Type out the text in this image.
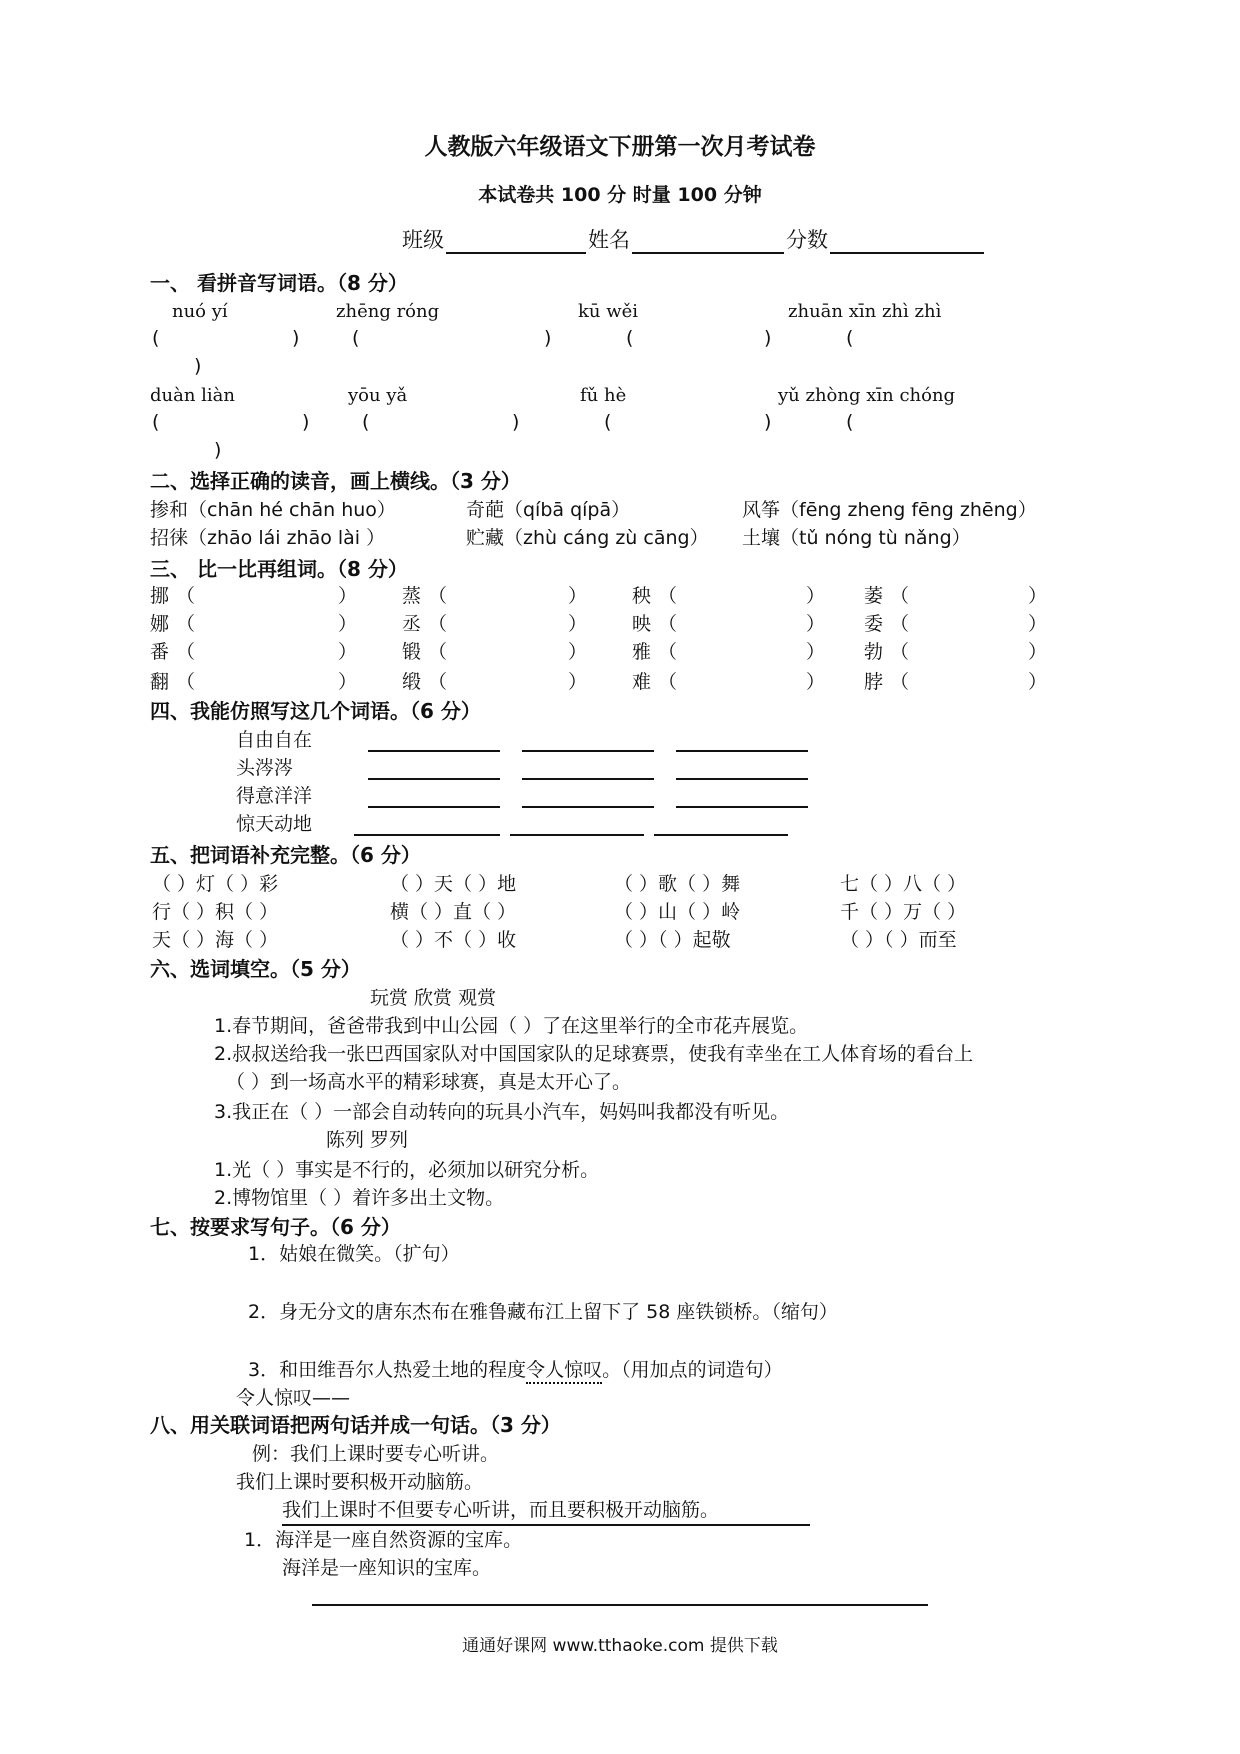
人教版六年级语文下册第一次月考试卷
本试卷共 100 分 时量 100 分钟
班级	姓名	分数
一、 看拼音写词语。（8 分）
nuó yí	zhēng róng	kū wěi	zhuān xīn zhì zhì
(	)	(	)	(	)	(
)
duàn liàn	yōu yǎ	fǔ hè	yǔ zhòng xīn chóng
(	)	(	)	(	)	(
)
二、选择正确的读音，画上横线。（3 分）
掺和（chān hé chān huo）	奇葩（qíbā qípā）	风筝（fēng zheng fēng zhēng）
招徕（zhāo lái zhāo lài ）	贮藏（zhù cáng zù cāng） 土壤（tǔ nóng tù nǎng）
三、 比一比再组词。（8 分）
挪 （	） 蒸 （	） 秧 （	） 萎 （	）
娜 （	） 丞 （	） 映 （	） 委 （	）
番 （	） 锻 （	） 雅 （	） 勃 （	）
翻 （	） 缎 （	） 难 （	） 脖 （	）
四、我能仿照写这几个词语。（6 分）
自由自在
头涔涔
得意洋洋
惊天动地
五、把词语补充完整。（6 分）
（ ）灯（ ）彩	（ ）天（ ）地	（ ）歌（ ）舞	七（ ）八（ ）
行（ ）积（ ）	横（ ）直（ ）	（ ）山（ ）岭	千（ ）万（ ）
天（ ）海（ ）	（ ）不（ ）收	（ ）（ ）起敬	（ ）（ ）而至
六、选词填空。（5 分）
玩赏 欣赏 观赏
1.春节期间，爸爸带我到中山公园（ ）了在这里举行的全市花卉展览。
2.叔叔送给我一张巴西国家队对中国国家队的足球赛票，使我有幸坐在工人体育场的看台上
（ ）到一场高水平的精彩球赛，真是太开心了。
3.我正在（ ）一部会自动转向的玩具小汽车，妈妈叫我都没有听见。
陈列 罗列
1.光（ ）事实是不行的，必须加以研究分析。
2.博物馆里（ ）着许多出土文物。
七、按要求写句子。（6 分）
1．姑娘在微笑。（扩句）
2．身无分文的唐东杰布在雅鲁藏布江上留下了 58 座铁锁桥。（缩句）
3．和田维吾尔人热爱土地的程度令人惊叹。（用加点的词造句）
令人惊叹——
八、用关联词语把两句话并成一句话。（3 分）
例：我们上课时要专心听讲。
我们上课时要积极开动脑筋。
我们上课时不但要专心听讲，而且要积极开动脑筋。
1．海洋是一座自然资源的宝库。
海洋是一座知识的宝库。
通通好课网 www.tthaoke.com 提供下载
